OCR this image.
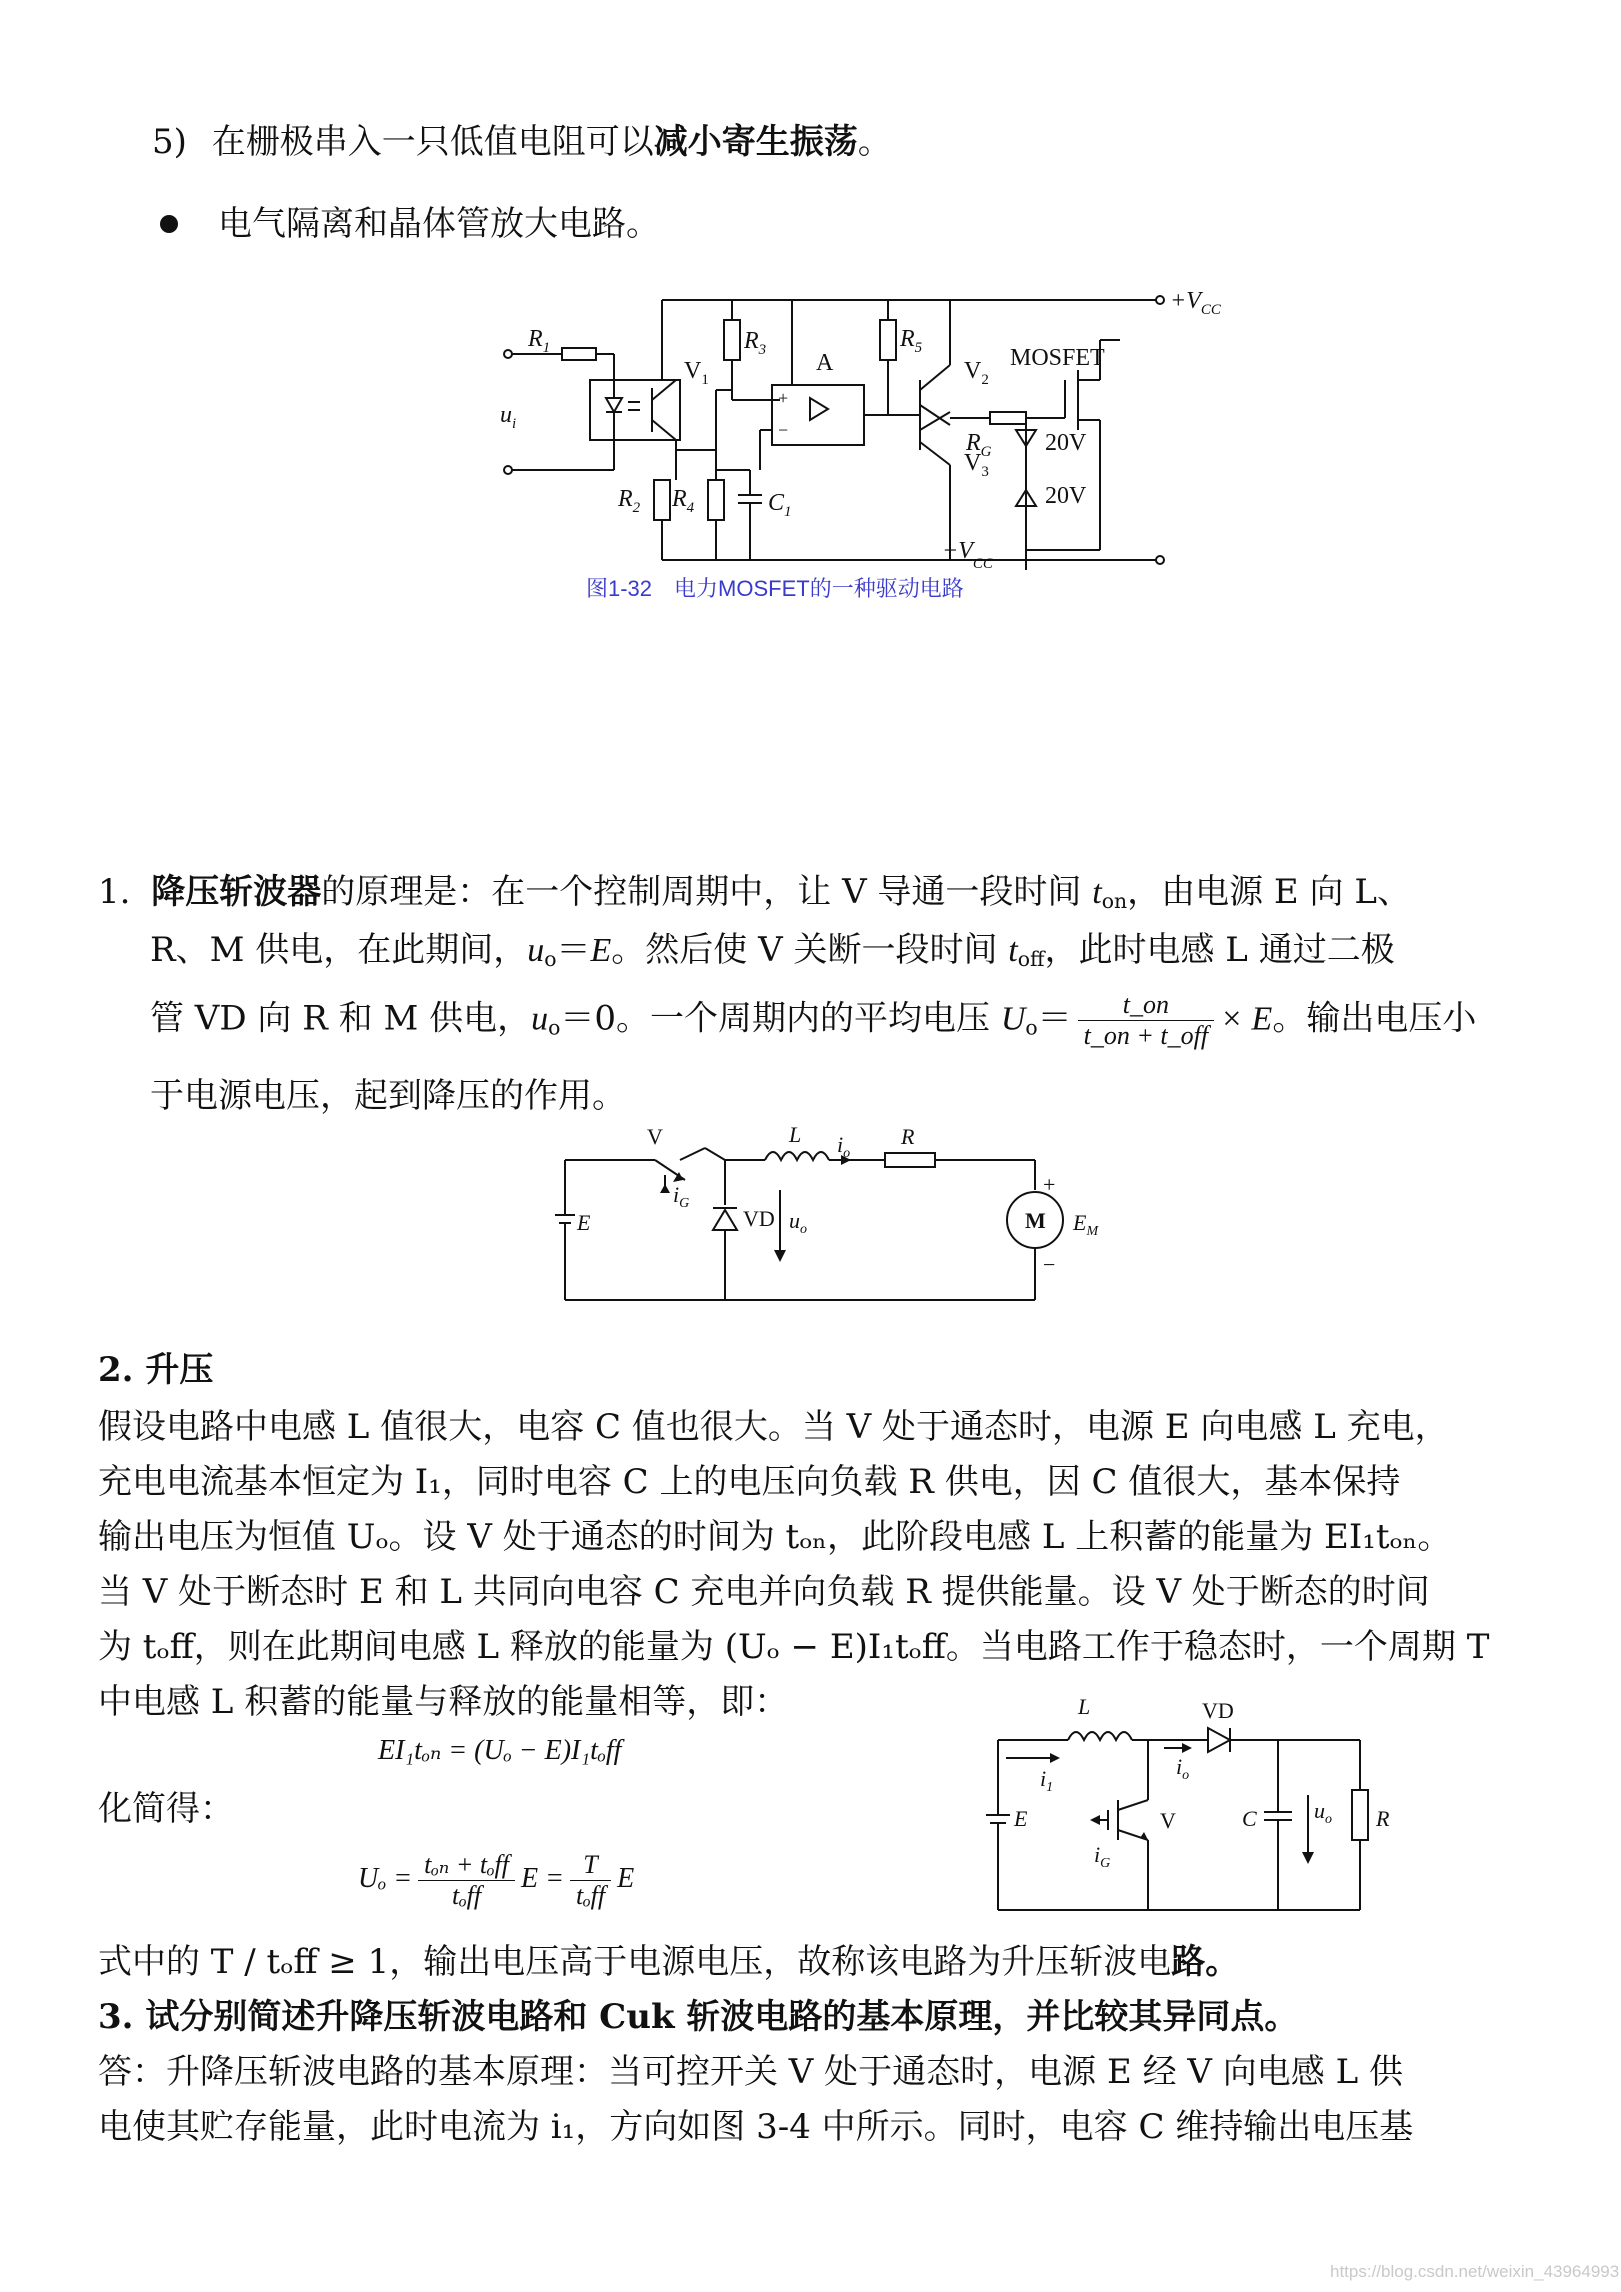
5) 在栅极串入一只低值电阻可以减小寄生振荡。
电气隔离和晶体管放大电路。
$+V_{CC}$
$-V_{CC}$
$R_1$
$R_2$
$R_3$
$R_4$
$R_5$
$C_1$
$V_1$	$V_2$
$V_3$
A
$u_i$
$R_G$
MOSFET
20V
20V
+
−
图1-32　电力MOSFET的一种驱动电路
1. 降压斩波器的原理是：在一个控制周期中，让 V 导通一段时间 $t_{on}$，由电源 E 向 L、
R、M 供电，在此期间，$u_o=E$。然后使 V 关断一段时间 $t_{off}$，此时电感 L 通过二极
管 VD 向 R 和 M 供电，$u_o=0$。一个周期内的平均电压 $U_o= \frac{t\_on}{\text{t\_on + t\_off}} \times E$。输出电压小
于电源电压，起到降压的作用。
V
$i_G$
E	VD $u_o$
L $i_o$
R
M $E_M$
+
−
2. 升压
假设电路中电感 L 值很大，电容 C 值也很大。当 V 处于通态时，电源 E 向电感 L 充电，
充电电流基本恒定为 I₁，同时电容 C 上的电压向负载 R 供电，因 C 值很大，基本保持
输出电压为恒值 Uₒ。设 V 处于通态的时间为 tₒₙ，此阶段电感 L 上积蓄的能量为 EI₁tₒₙ。
当 V 处于断态时 E 和 L 共同向电容 C 充电并向负载 R 提供能量。设 V 处于断态的时间
为 tₒff，则在此期间电感 L 释放的能量为 (Uₒ − E)I₁tₒff。当电路工作于稳态时，一个周期 T
中电感 L 积蓄的能量与释放的能量相等，即：
EI₁tₒₙ = (Uₒ − E)I₁tₒff
化简得：
$U_o = \frac{\text{tₒₙ + tₒff}}{\text{tₒff}}$ $E = \frac{T}{\text{tₒff}}$ E
式中的 T / tₒff ≥ 1，输出电压高于电源电压，故称该电路为升压斩波电路。
L	VD
$i_1$
$i_o$
E	V
$i_G$
C	$u_o$ R
3. 试分别简述升降压斩波电路和 Cuk 斩波电路的基本原理，并比较其异同点。
答：升降压斩波电路的基本原理：当可控开关 V 处于通态时，电源 E 经 V 向电感 L 供
电使其贮存能量，此时电流为 i₁，方向如图 3-4 中所示。同时，电容 C 维持输出电压基
https://blog.csdn.net/weixin_43964993
